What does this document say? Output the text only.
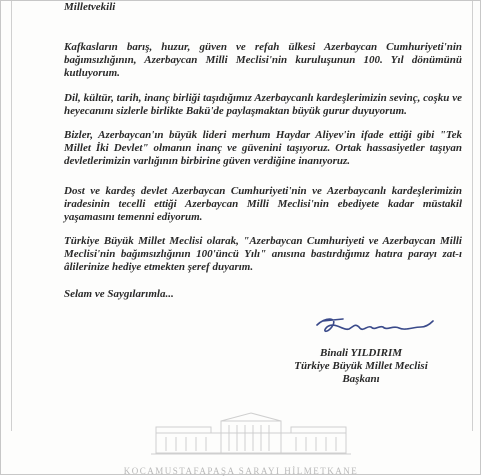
Milletvekili
Kafkasların barış, huzur, güven ve refah ülkesi Azerbaycan Cumhuriyeti'nin bağımsızlığının, Azerbaycan Milli Meclisi'nin kuruluşunun 100. Yıl dönümünü kutluyorum.
Dil, kültür, tarih, inanç birliği taşıdığımız Azerbaycanlı kardeşlerimizin sevinç, coşku ve heyecanını sizlerle birlikte Bakü'de paylaşmaktan büyük gurur duyuyorum.
Bizler, Azerbaycan'ın büyük lideri merhum Haydar Aliyev'in ifade ettiği gibi "Tek Millet İki Devlet" olmanın inanç ve güvenini taşıyoruz. Ortak hassasiyetler taşıyan devletlerimizin varlığının birbirine güven verdiğine inanıyoruz.
Dost ve kardeş devlet Azerbaycan Cumhuriyeti'nin ve Azerbaycanlı kardeşlerimizin iradesinin tecelli ettiği Azerbaycan Milli Meclisi'nin ebediyete kadar müstakil yaşamasını temenni ediyorum.
Türkiye Büyük Millet Meclisi olarak, "Azerbaycan Cumhuriyeti ve Azerbaycan Milli Meclisi'nin bağımsızlığının 100'üncü Yılı" anısına bastırdığımız hatıra parayı zat-ı âlilerinize hediye etmekten şeref duyarım.
Selam ve Saygılarımla...
Binali YILDIRIM
Türkiye Büyük Millet Meclisi
Başkanı
KOCAMUSTAFAPAŞA SARAYI HİLMETKANE
